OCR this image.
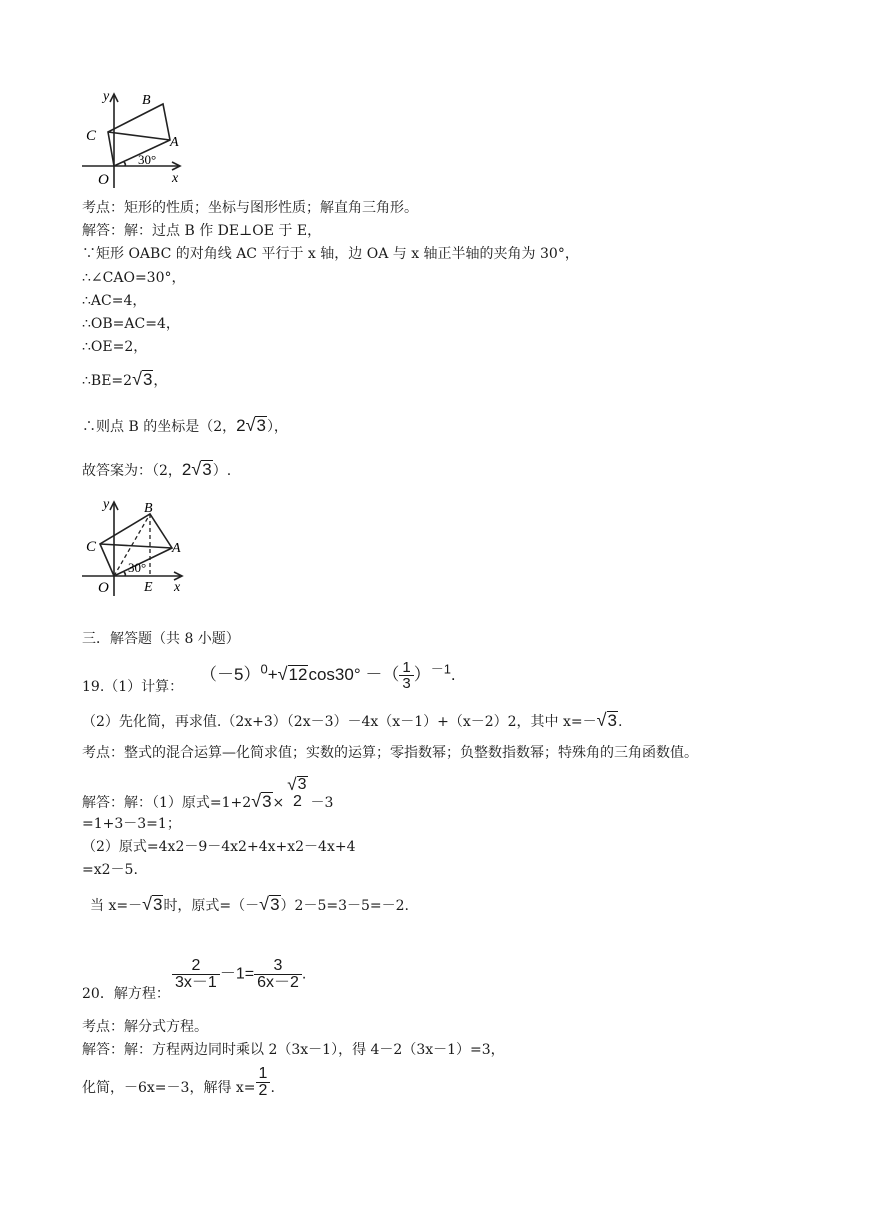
y B
C	A
O	x
30°
考点：矩形的性质；坐标与图形性质；解直角三角形。
解答：解：过点 B 作 DE⊥OE 于 E，
∵矩形 OABC 的对角线 AC 平行于 x 轴，边 OA 与 x 轴正半轴的夹角为 30°，
∴∠CAO=30°，
∴AC=4，
∴OB=AC=4，
∴OE=2，
∴BE=2 √ 3 ，
∴则点 B 的坐标是（2，2 √ 3 ），
故答案为：（2，2 √ 3 ）.
y B
C	A
O	E x
30°
三．解答题（共 8 小题）
19.（1）计算：
$(-5)^0+$ √ 12 cos30° －（ $\frac{1}{3} )^{-1}$.
（2）先化简，再求值.（2x+3）（2x－3）－4x（x－1）+（x－2）2，其中 x=－ √ 3 .
考点：整式的混合运算—化简求值；实数的运算；零指数幂；负整数指数幂；特殊角的三角函数值。
解答：解：（1）原式=1+2 √ 3 ×
√ 3
2 －3
=1+3－3=1；
（2）原式=4x2－9－4x2+4x+x2－4x+4
=x2－5.
当 x=－ √ 3 时，原式=（－ √ 3 ）2－5=3－5=－2.
20．解方程：
$\frac{2}{3x-1} -1= \frac{3}{6x-2}$ .
考点：解分式方程。
解答：解：方程两边同时乘以 2（3x－1），得 4－2（3x－1）=3，
化简，－6x=－3，解得 $x= \frac{1}{2}$ .
